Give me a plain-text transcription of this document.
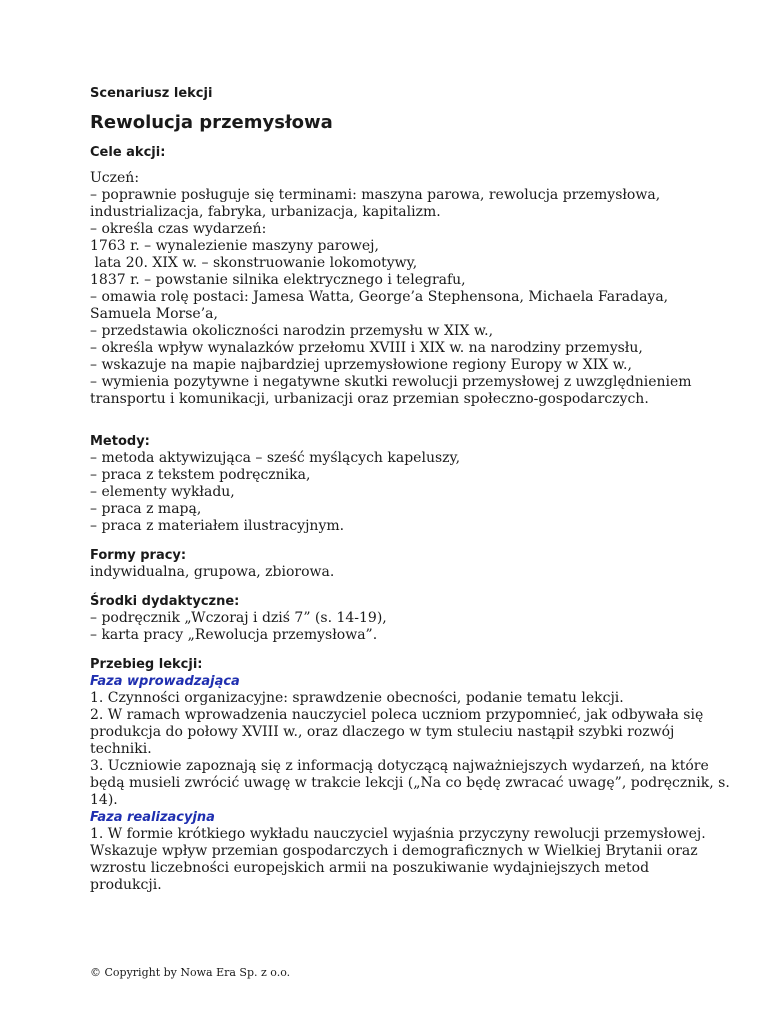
Scenariusz lekcji
Rewolucja przemysłowa
Cele akcji:
Uczeń:
– poprawnie posługuje się terminami: maszyna parowa, rewolucja przemysłowa,
industrializacja, fabryka, urbanizacja, kapitalizm.
– określa czas wydarzeń:
1763 r. – wynalezienie maszyny parowej,
lata 20. XIX w. – skonstruowanie lokomotywy,
1837 r. – powstanie silnika elektrycznego i telegrafu,
– omawia rolę postaci: Jamesa Watta, George’a Stephensona, Michaela Faradaya,
Samuela Morse’a,
– przedstawia okoliczności narodzin przemysłu w XIX w.,
– określa wpływ wynalazków przełomu XVIII i XIX w. na narodziny przemysłu,
– wskazuje na mapie najbardziej uprzemysłowione regiony Europy w XIX w.,
– wymienia pozytywne i negatywne skutki rewolucji przemysłowej z uwzględnieniem
transportu i komunikacji, urbanizacji oraz przemian społeczno-gospodarczych.
Metody:
– metoda aktywizująca – sześć myślących kapeluszy,
– praca z tekstem podręcznika,
– elementy wykładu,
– praca z mapą,
– praca z materiałem ilustracyjnym.
Formy pracy:
indywidualna, grupowa, zbiorowa.
Środki dydaktyczne:
– podręcznik „Wczoraj i dziś 7” (s. 14-19),
– karta pracy „Rewolucja przemysłowa”.
Przebieg lekcji:
Faza wprowadzająca
1. Czynności organizacyjne: sprawdzenie obecności, podanie tematu lekcji.
2. W ramach wprowadzenia nauczyciel poleca uczniom przypomnieć, jak odbywała się
produkcja do połowy XVIII w., oraz dlaczego w tym stuleciu nastąpił szybki rozwój
techniki.
3. Uczniowie zapoznają się z informacją dotyczącą najważniejszych wydarzeń, na które
będą musieli zwrócić uwagę w trakcie lekcji („Na co będę zwracać uwagę”, podręcznik, s.
14).
Faza realizacyjna
1. W formie krótkiego wykładu nauczyciel wyjaśnia przyczyny rewolucji przemysłowej.
Wskazuje wpływ przemian gospodarczych i demograficznych w Wielkiej Brytanii oraz
wzrostu liczebności europejskich armii na poszukiwanie wydajniejszych metod
produkcji.
© Copyright by Nowa Era Sp. z o.o.
